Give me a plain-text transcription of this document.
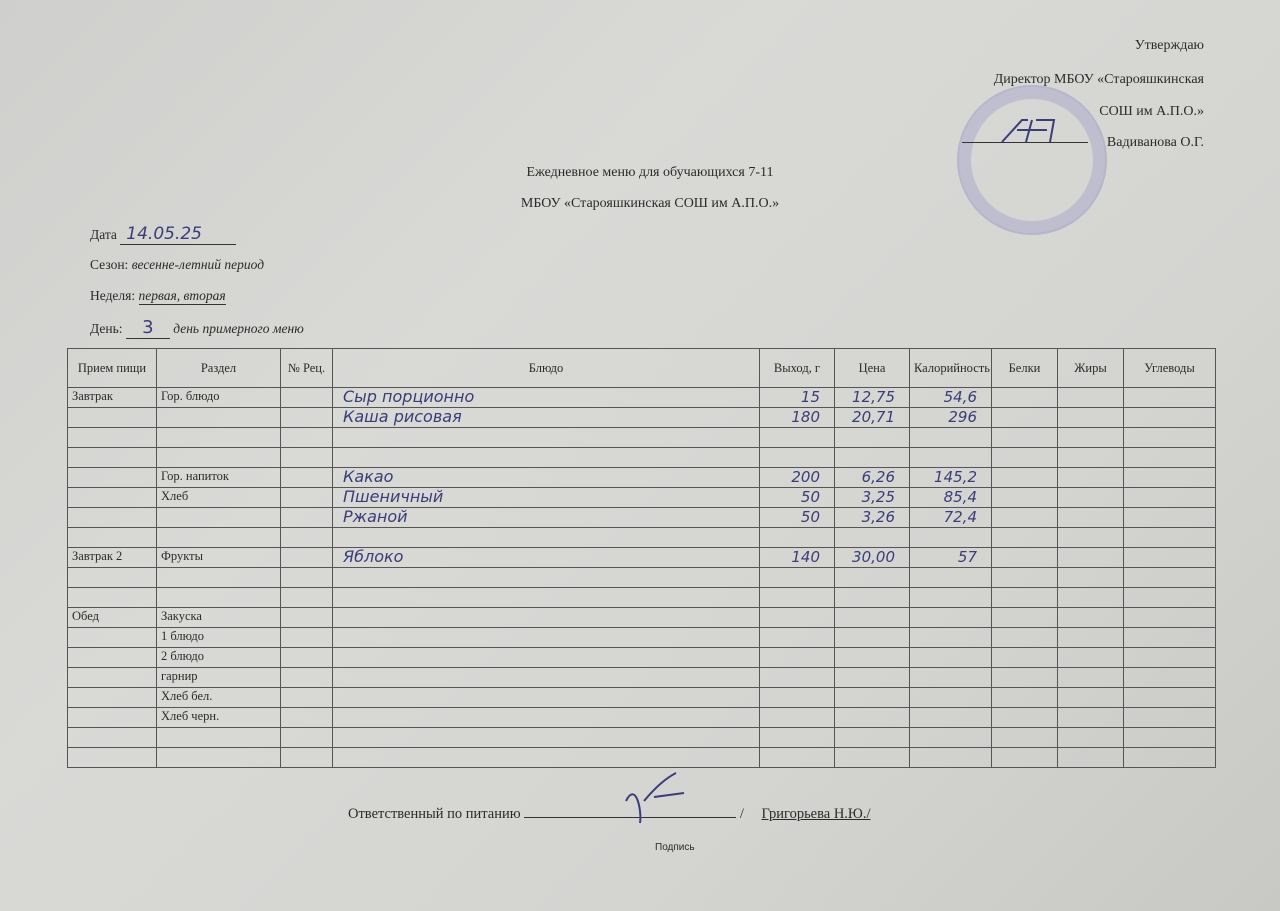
Утверждаю
Директор МБОУ «Старояшкинская
СОШ им А.П.О.»
Вадиванова О.Г.
Ежедневное меню для обучающихся 7-11
МБОУ «Старояшкинская СОШ им А.П.О.»
Дата 14.05.25
Сезон: весенне-летний период
Неделя: первая, вторая
День: 3 день примерного меню
Прием пищи	Раздел	№ Рец.	Блюдо	Выход, г	Цена	Калорийность	Белки	Жиры	Углеводы
Завтрак	Гор. блюдо		Сыр порционно	15	12,75	54,6			
			Каша рисовая	180	20,71	296			

	Гор. напиток		Какао	200	6,26	145,2			
	Хлеб		Пшеничный	50	3,25	85,4			
			Ржаной	50	3,26	72,4			

Завтрак 2	Фрукты		Яблоко	140	30,00	57			

Обед	Закуска								
	1 блюдо								
	2 блюдо								
	гарнир								
	Хлеб бел.								
	Хлеб черн.								

Ответственный по питанию	/ Григорьева Н.Ю./
Подпись
